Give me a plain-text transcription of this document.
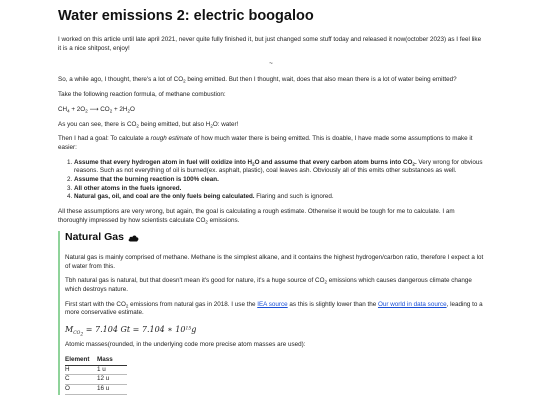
Water emissions 2: electric boogaloo

I worked on this article until late april 2021, never quite fully finished it, but just changed some stuff today and released it now(october 2023) as I feel like it is a nice shitpost, enjoy!

~

So, a while ago, I thought, there's a lot of $CO_2$ being emitted. But then I thought, wait, does that also mean there is a lot of water being emitted?

Take the following reaction formula, of methane combustion:

$CH_4 + 2O_2$ ⟶ $CO_2 + 2H_2O$

As you can see, there is $CO_2$ being emitted, but also $H_2O$: water!

Then I had a goal: To calculate a rough estimate of how much water there is being emitted. This is doable, I have made some assumptions to make it easier:

1. Assume that every hydrogen atom in fuel will oxidize into $H_2O$ and assume that every carbon atom burns into $CO_2$. Very wrong for obvious reasons. Such as not everything of oil is burned(ex. asphalt, plastic), coal leaves ash. Obviously all of this emits other substances as well.
2. Assume that the burning reaction is 100% clean.
3. All other atoms in the fuels ignored.
4. Natural gas, oil, and coal are the only fuels being calculated. Flaring and such is ignored.

All these assumptions are very wrong, but again, the goal is calculating a rough estimate. Otherwise it would be tough for me to calculate. I am thoroughly impressed by how scientists calculate $CO_2$ emissions.

Natural Gas

Natural gas is mainly comprised of methane. Methane is the simplest alkane, and it contains the highest hydrogen/carbon ratio, therefore I expect a lot of water from this.

Tbh natural gas is natural, but that doesn't mean it's good for nature, it's a huge source of $CO_2$ emissions which causes dangerous climate change which destroys nature.

First start with the $CO_2$ emissions from natural gas in 2018. I use the IEA source as this is slightly lower than the Our world in data source, leading to a more conservative estimate.

$M_{CO_2} = 7.104$ Gt = 7.104 ∗ $10^{15}g$

Atomic masses(rounded, in the underlying code more precise atom masses are used):

Element	Mass
H	1 u
C	12 u
O	16 u
